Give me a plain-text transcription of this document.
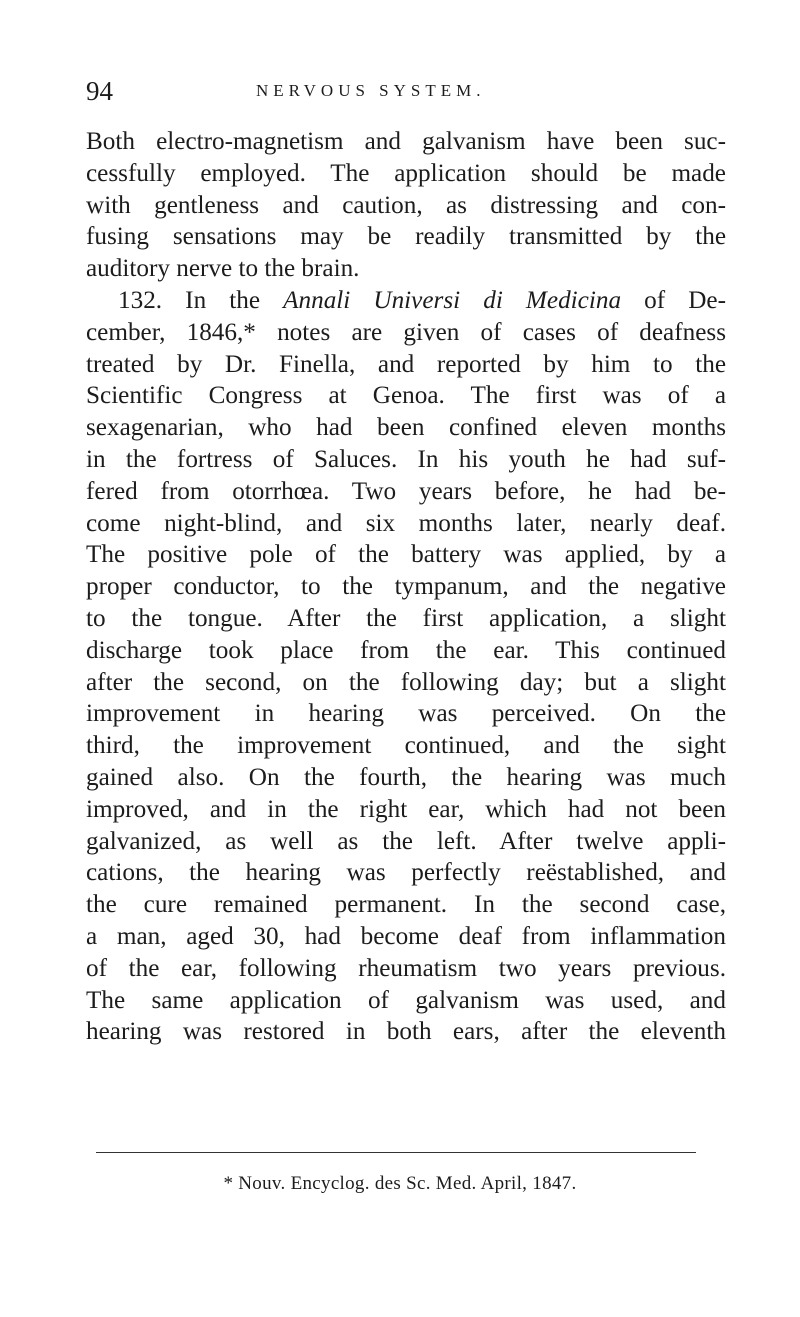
94	NERVOUS SYSTEM.

Both electro-magnetism and galvanism have been suc-
cessfully employed. The application should be made
with gentleness and caution, as distressing and con-
fusing sensations may be readily transmitted by the
auditory nerve to the brain.

132. In the Annali Universi di Medicina of De-
cember, 1846,* notes are given of cases of deafness
treated by Dr. Finella, and reported by him to the
Scientific Congress at Genoa. The first was of a
sexagenarian, who had been confined eleven months
in the fortress of Saluces. In his youth he had suf-
fered from otorrhœa. Two years before, he had be-
come night-blind, and six months later, nearly deaf.
The positive pole of the battery was applied, by a
proper conductor, to the tympanum, and the negative
to the tongue. After the first application, a slight
discharge took place from the ear. This continued
after the second, on the following day; but a slight
improvement in hearing was perceived. On the
third, the improvement continued, and the sight
gained also. On the fourth, the hearing was much
improved, and in the right ear, which had not been
galvanized, as well as the left. After twelve appli-
cations, the hearing was perfectly reëstablished, and
the cure remained permanent. In the second case,
a man, aged 30, had become deaf from inflammation
of the ear, following rheumatism two years previous.
The same application of galvanism was used, and
hearing was restored in both ears, after the eleventh

* Nouv. Encyclog. des Sc. Med. April, 1847.
